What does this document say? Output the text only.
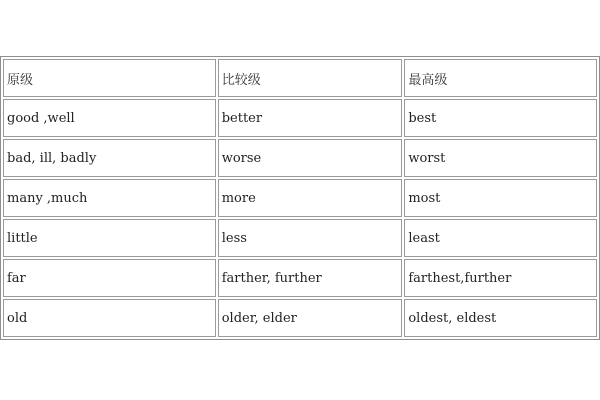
原级	比较级	最高级
good ,well	better	best
bad, ill, badly	worse	worst
many ,much	more	most
little	less	least
far	farther, further	farthest,further
old	older, elder	oldest, eldest
